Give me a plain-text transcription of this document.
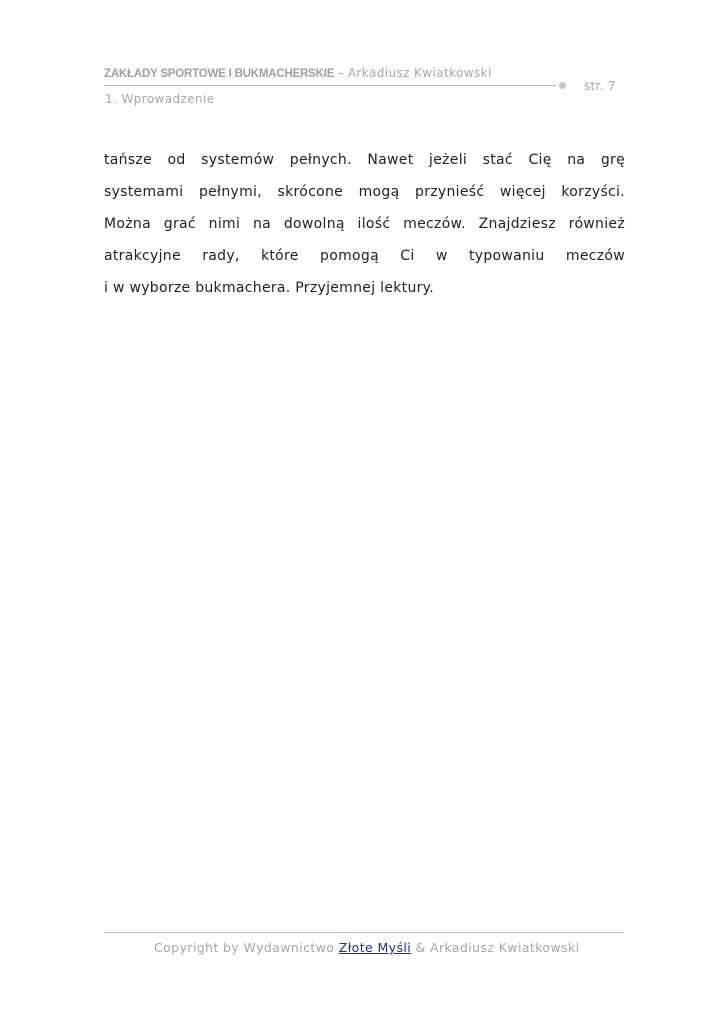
ZAKŁADY SPORTOWE I BUKMACHERSKIE – Arkadiusz Kwiatkowski
str. 7
1. Wprowadzenie
tańsze od systemów pełnych. Nawet jeżeli stać Cię na grę
systemami pełnymi, skrócone mogą przynieść więcej korzyści.
Można grać nimi na dowolną ilość meczów. Znajdziesz również
atrakcyjne rady, które pomogą Ci w typowaniu meczów
i w wyborze bukmachera. Przyjemnej lektury.
Copyright by Wydawnictwo Złote Myśli & Arkadiusz Kwiatkowski
